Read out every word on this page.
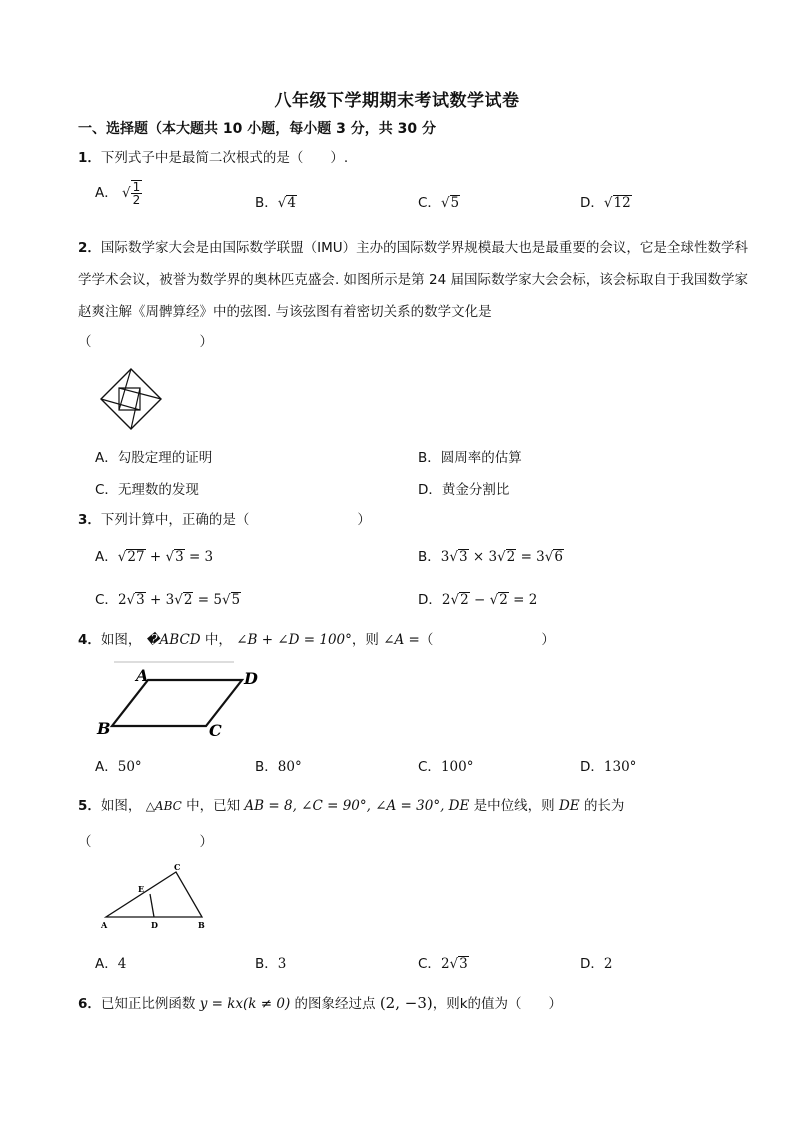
八年级下学期期末考试数学试卷
一、选择题（本大题共 10 小题，每小题 3 分，共 30 分
1．下列式子中是最简二次根式的是（　　）.
A． √ $\frac{1}{2}$	B．√4	C．√5	D．√12
2．国际数学家大会是由国际数学联盟（IMU）主办的国际数学界规模最大也是最重要的会议，它是全球性数学科学学术会议，被誉为数学界的奥林匹克盛会. 如图所示是第 24 届国际数学家大会会标，该会标取自于我国数学家赵爽注解《周髀算经》中的弦图. 与该弦图有着密切关系的数学文化是
（　　　　　　　　）
A．勾股定理的证明	B．圆周率的估算
C．无理数的发现	D．黄金分割比
3．下列计算中，正确的是（　　　　　　　　）
A．√27 + √3 = 3	B．3√3 × 3√2 = 3√6
C．2√3 + 3√2 = 5√5	D．2√2 − √2 = 2
4．如图， �ABCD 中， ∠B + ∠D = 100°，则 ∠A =（　　　　　　　　）
A	D
B	C
A．50°	B．80°	C．100°	D．130°
5．如图， △ABC 中，已知 AB = 8, ∠C = 90°, ∠A = 30°, DE 是中位线，则 DE 的长为
（　　　　　　　　）
A	B
C
D
E
A．4	B．3	C．2√3	D．2
6．已知正比例函数 y = kx(k ≠ 0) 的图象经过点 (2, −3)，则k的值为（　　）
